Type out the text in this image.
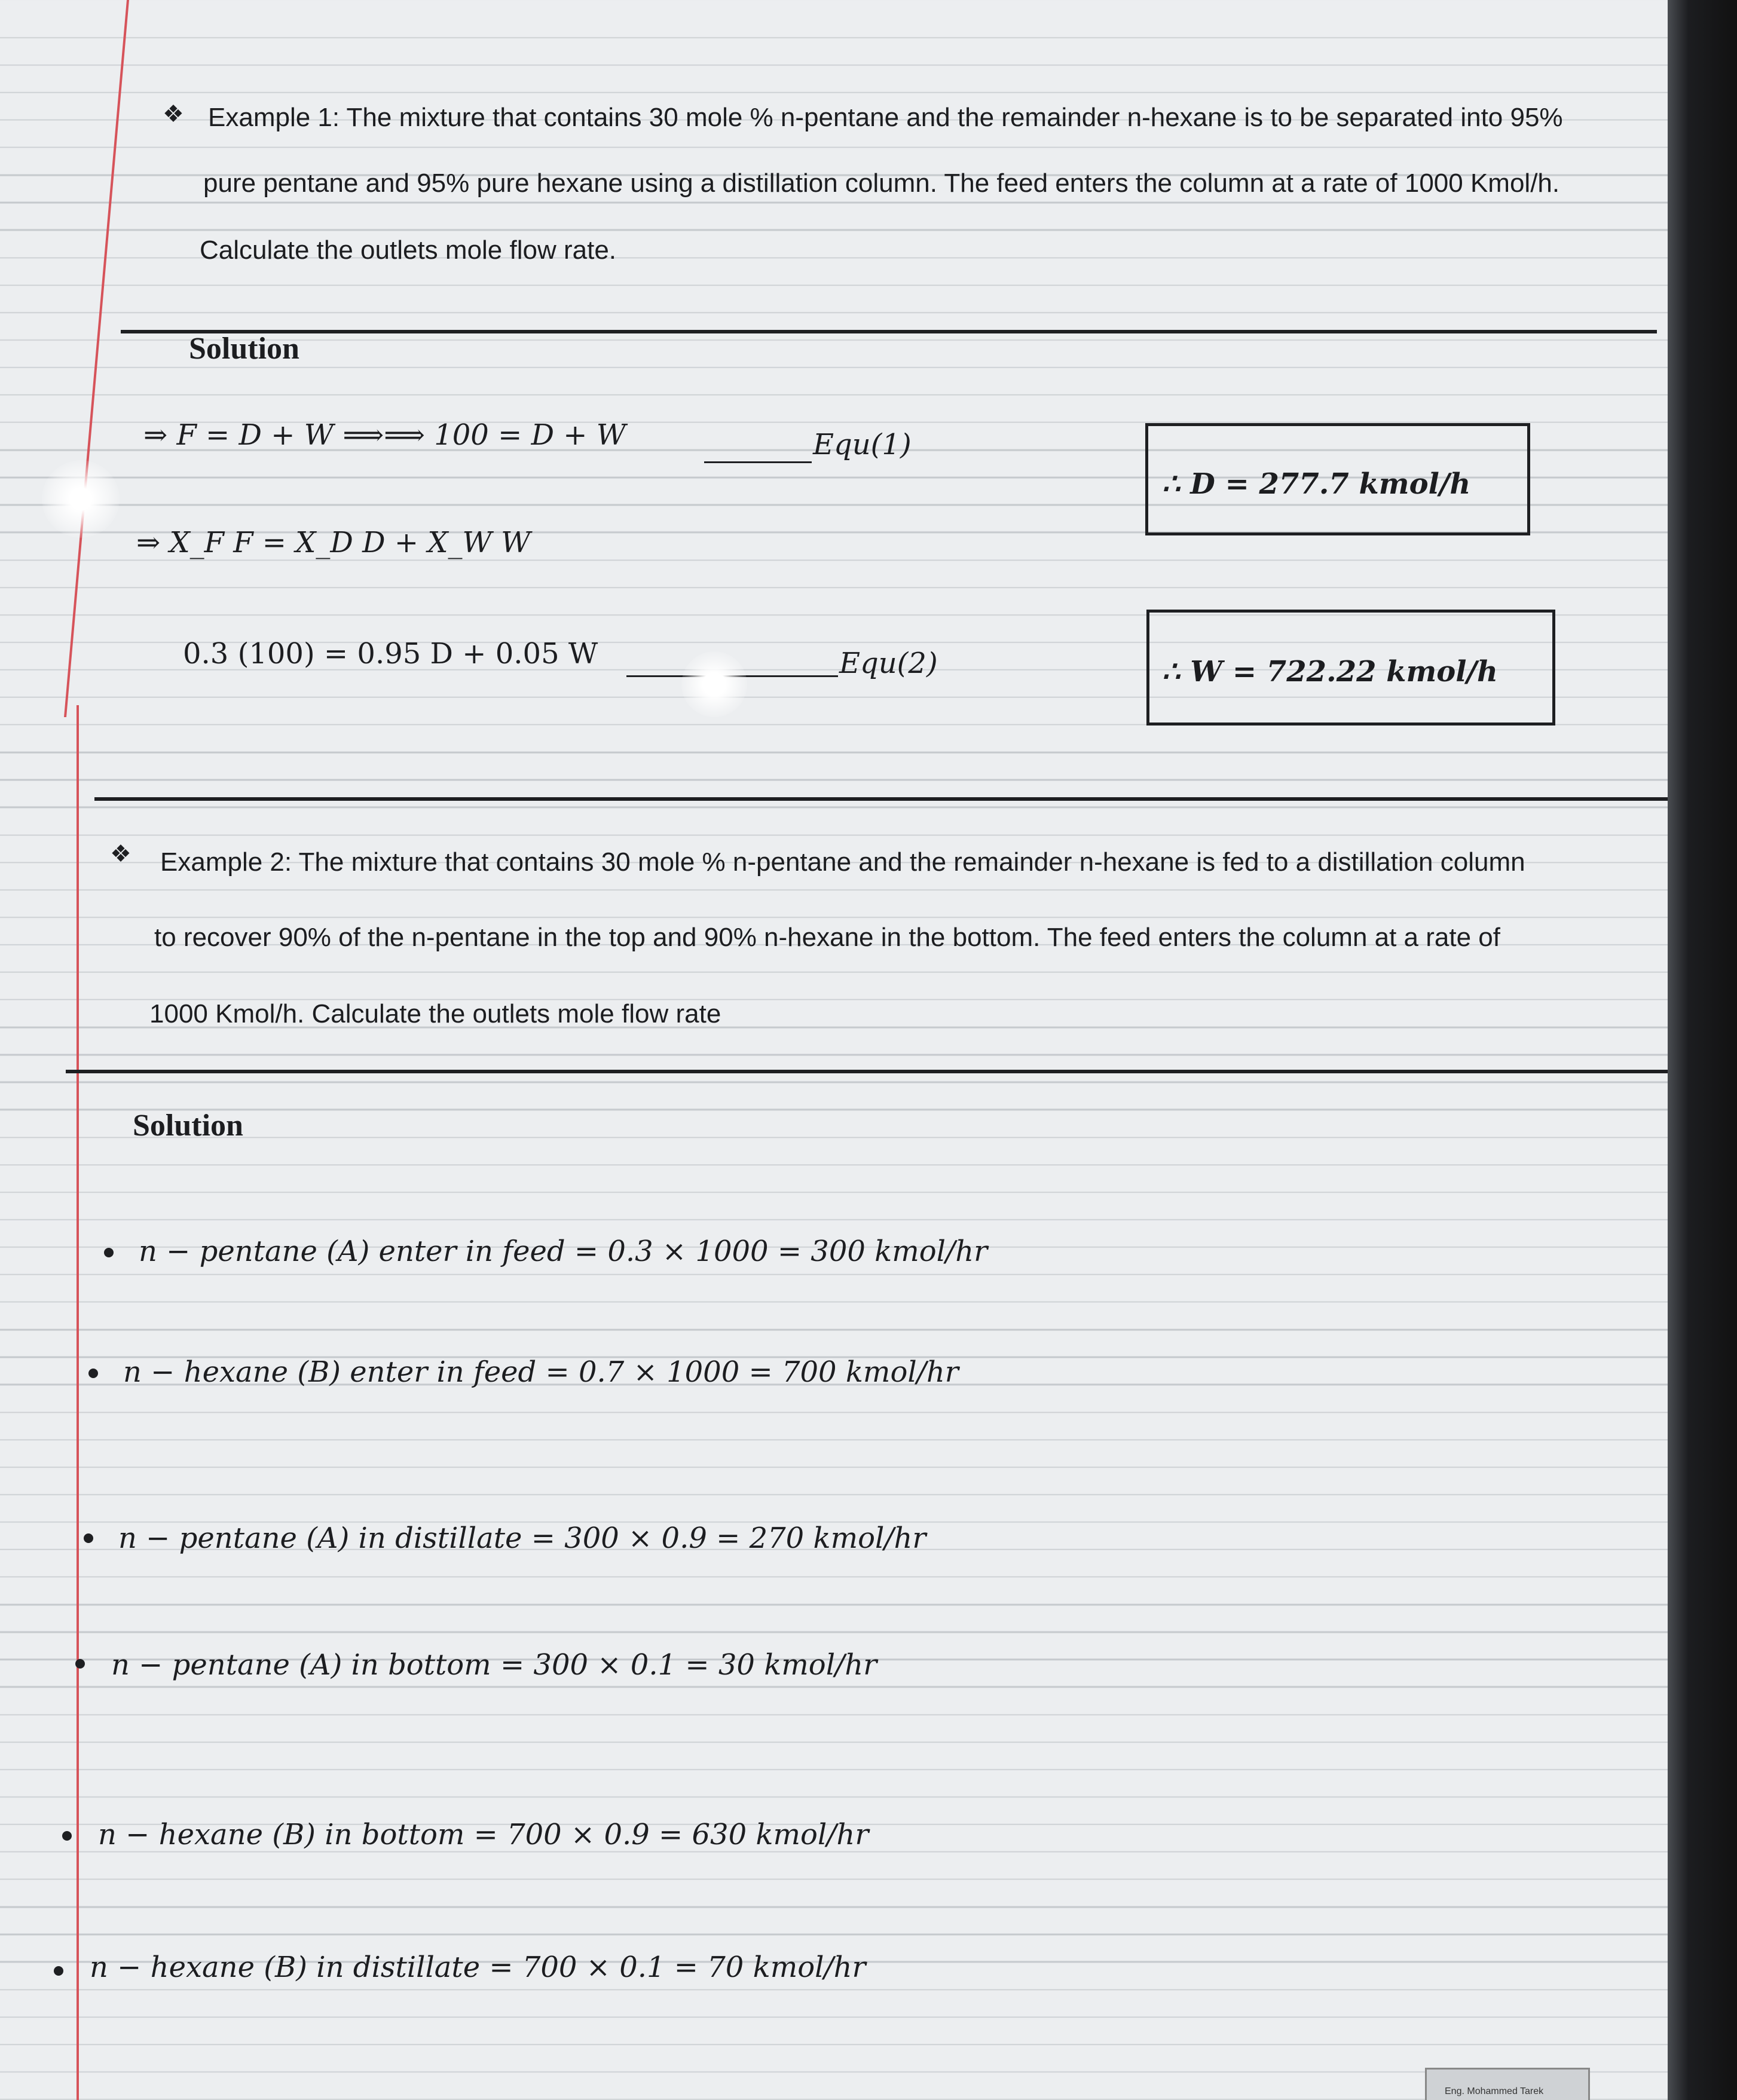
❖ Example 1: The mixture that contains 30 mole % n-pentane and the remainder n-hexane is to be separated into 95%
pure pentane and 95% pure hexane using a distillation column. The feed enters the column at a rate of 1000 Kmol/h.
Calculate the outlets mole flow rate.
Solution
⇒ F = D + W ⟹⟹ 100 = D + W	Equ(1)
⇒ X_F F = X_D D + X_W W
0.3 (100) = 0.95 D + 0.05 W	Equ(2)
∴ D = 277.7 kmol/h
∴ W = 722.22 kmol/h
❖ Example 2: The mixture that contains 30 mole % n-pentane and the remainder n-hexane is fed to a distillation column
to recover 90% of the n-pentane in the top and 90% n-hexane in the bottom. The feed enters the column at a rate of
1000 Kmol/h. Calculate the outlets mole flow rate
Solution
n − pentane (A) enter in feed = 0.3 × 1000 = 300 kmol/hr
n − hexane (B) enter in feed = 0.7 × 1000 = 700 kmol/hr
n − pentane (A) in distillate = 300 × 0.9 = 270 kmol/hr
n − pentane (A) in bottom = 300 × 0.1 = 30 kmol/hr
n − hexane (B) in bottom = 700 × 0.9 = 630 kmol/hr
n − hexane (B) in distillate = 700 × 0.1 = 70 kmol/hr
Eng. Mohammed Tarek
